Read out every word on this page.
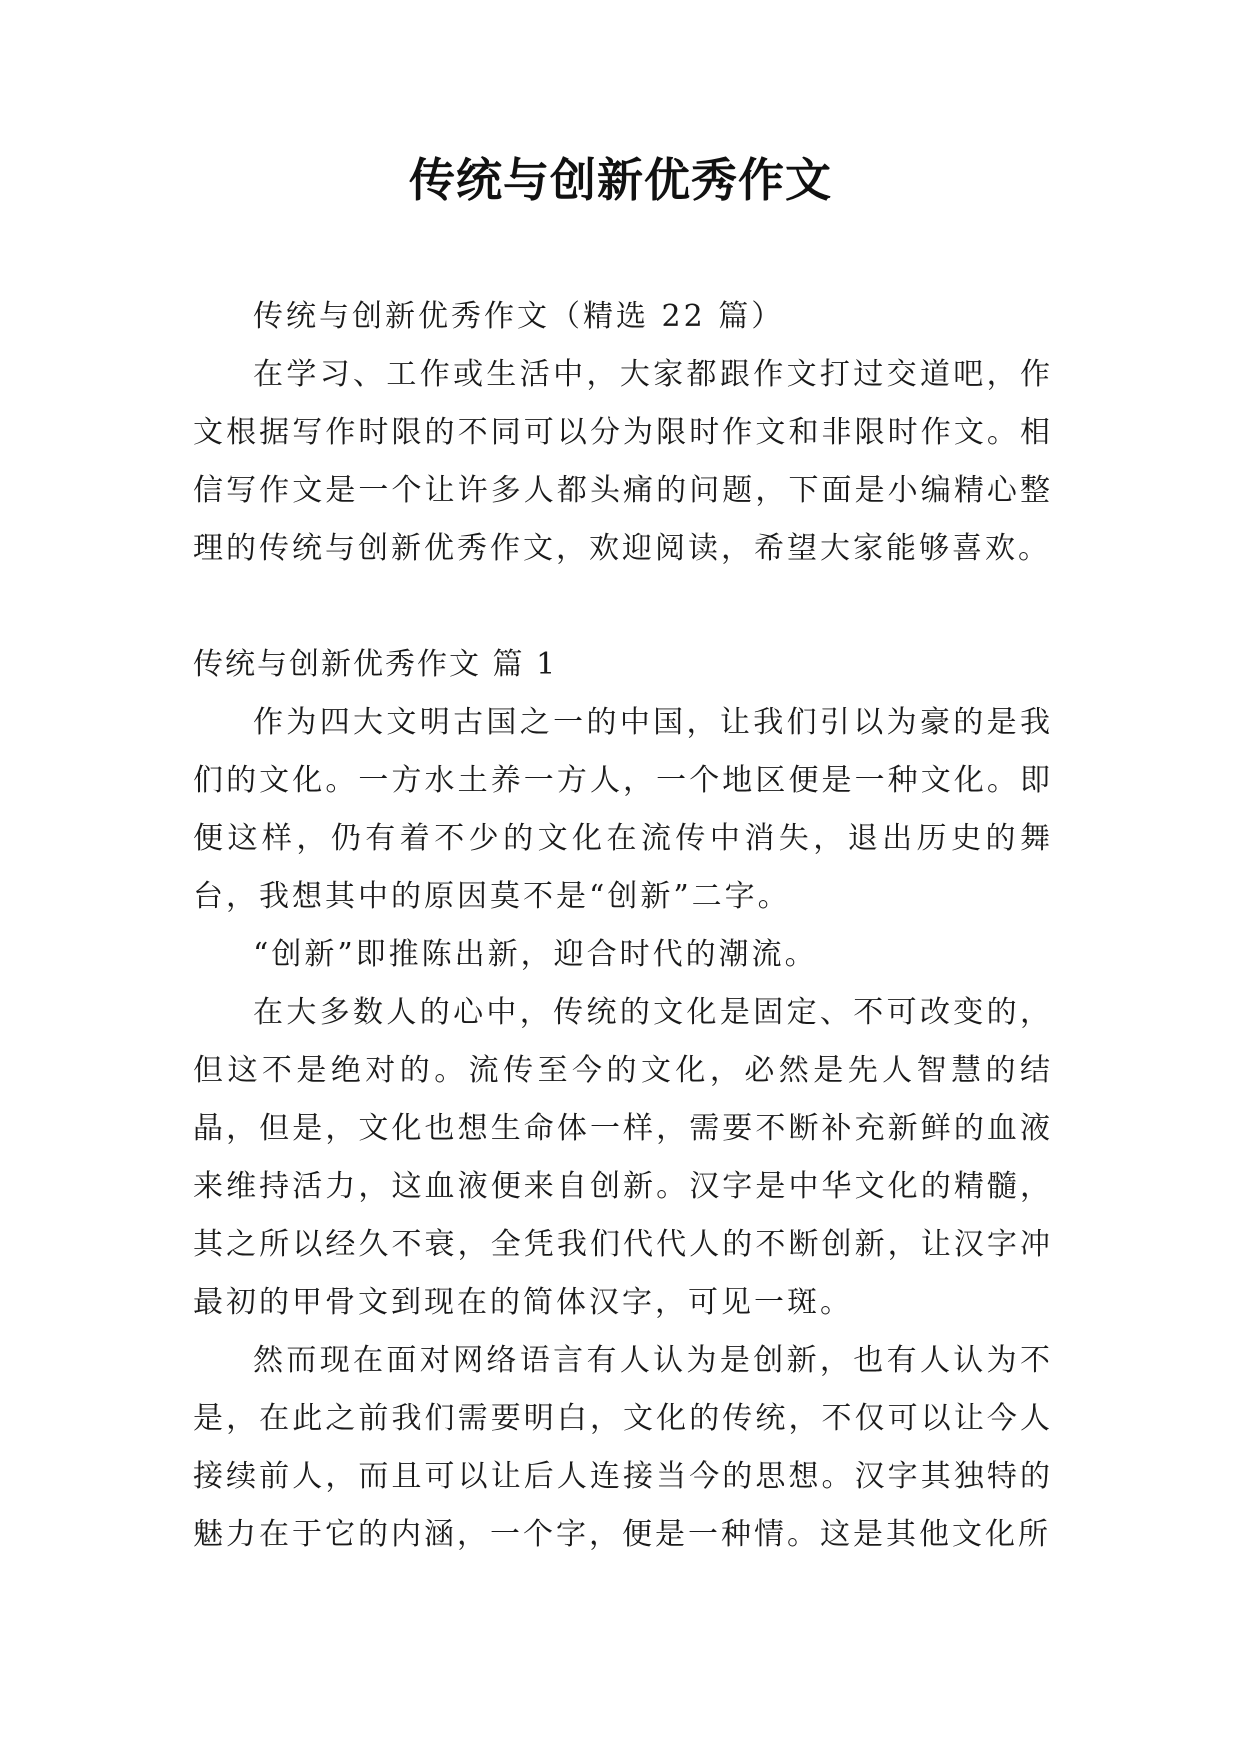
传统与创新优秀作文

传统与创新优秀作文（精选 22 篇）

在学习、工作或生活中，大家都跟作文打过交道吧，作文根据写作时限的不同可以分为限时作文和非限时作文。相信写作文是一个让许多人都头痛的问题，下面是小编精心整理的传统与创新优秀作文，欢迎阅读，希望大家能够喜欢。

传统与创新优秀作文 篇 1

作为四大文明古国之一的中国，让我们引以为豪的是我们的文化。一方水土养一方人，一个地区便是一种文化。即便这样，仍有着不少的文化在流传中消失，退出历史的舞台，我想其中的原因莫不是“创新”二字。

“创新”即推陈出新，迎合时代的潮流。

在大多数人的心中，传统的文化是固定、不可改变的，但这不是绝对的。流传至今的文化，必然是先人智慧的结晶，但是，文化也想生命体一样，需要不断补充新鲜的血液来维持活力，这血液便来自创新。汉字是中华文化的精髓，其之所以经久不衰，全凭我们代代人的不断创新，让汉字冲最初的甲骨文到现在的简体汉字，可见一斑。

然而现在面对网络语言有人认为是创新，也有人认为不是，在此之前我们需要明白，文化的传统，不仅可以让今人接续前人，而且可以让后人连接当今的思想。汉字其独特的魅力在于它的内涵，一个字，便是一种情。这是其他文化所
